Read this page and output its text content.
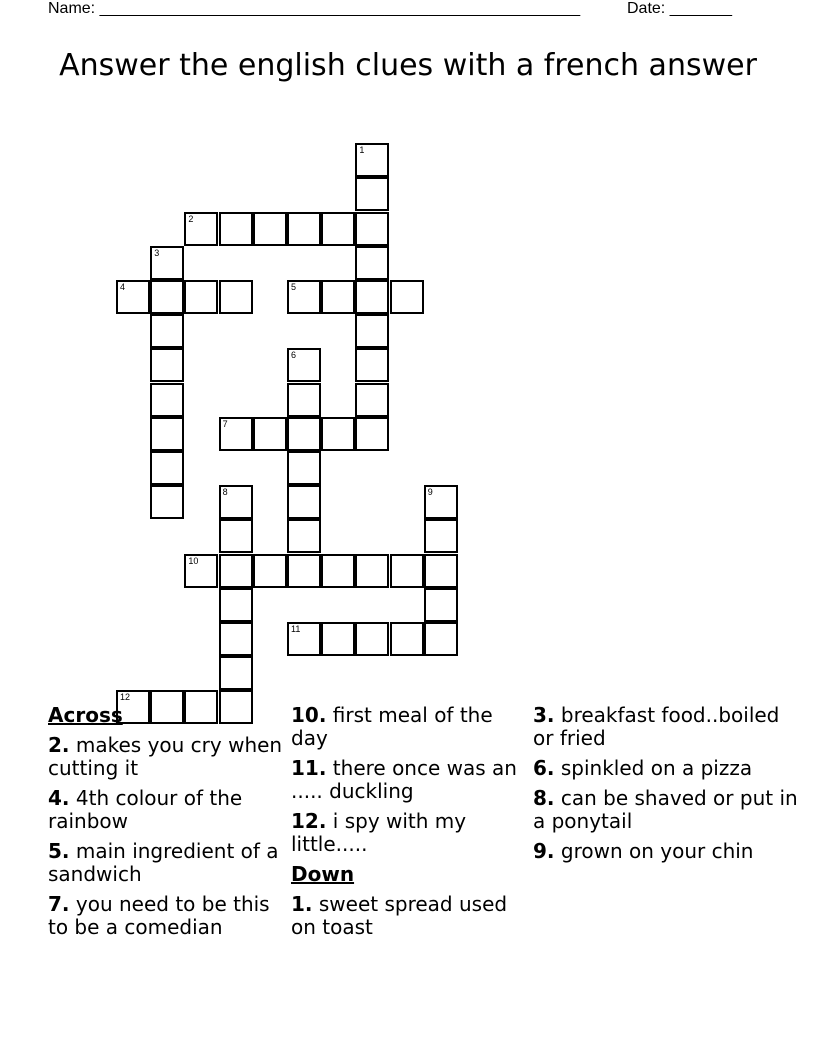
Name: ______________________________________________________	Date: _______
Answer the english clues with a french answer
1
2
3
4	5
6
7
8	9
10
11
12
Across
2. makes you cry when cutting it
4. 4th colour of the rainbow
5. main ingredient of a sandwich
7. you need to be this to be a comedian
10. first meal of the day
11. there once was an ..... duckling
12. i spy with my little.....
Down
1. sweet spread used on toast
3. breakfast food..boiled or fried
6. spinkled on a pizza
8. can be shaved or put in a ponytail
9. grown on your chin
